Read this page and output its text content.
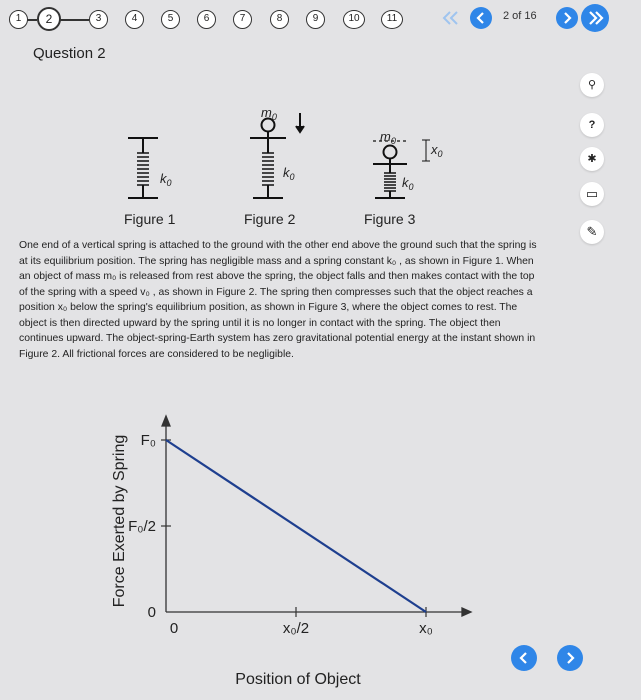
1	2	3	4	5	6	7	8	9	10	11	2 of 16
Question 2
⚲
?
✱
▭
✎
$k_0$
$m_0$
$k_0$
$m_0$
$k_0$
$x_0$
Figure 1	Figure 2	Figure 3
One end of a vertical spring is attached to the ground with the other end above the ground such that the spring is at its equilibrium position. The spring has negligible mass and a spring constant k₀ , as shown in Figure 1. When an object of mass m₀ is released from rest above the spring, the object falls and then makes contact with the top of the spring with a speed v₀ , as shown in Figure 2. The spring then compresses such that the object reaches a position x₀ below the spring's equilibrium position, as shown in Figure 3, where the object comes to rest. The object is then directed upward by the spring until it is no longer in contact with the spring. The object then continues upward. The object-spring-Earth system has zero gravitational potential energy at the instant shown in Figure 2. All frictional forces are considered to be negligible.
0	x₀/2	x₀
0
F₀/2
F₀
Force Exerted by Spring
Position of Object
